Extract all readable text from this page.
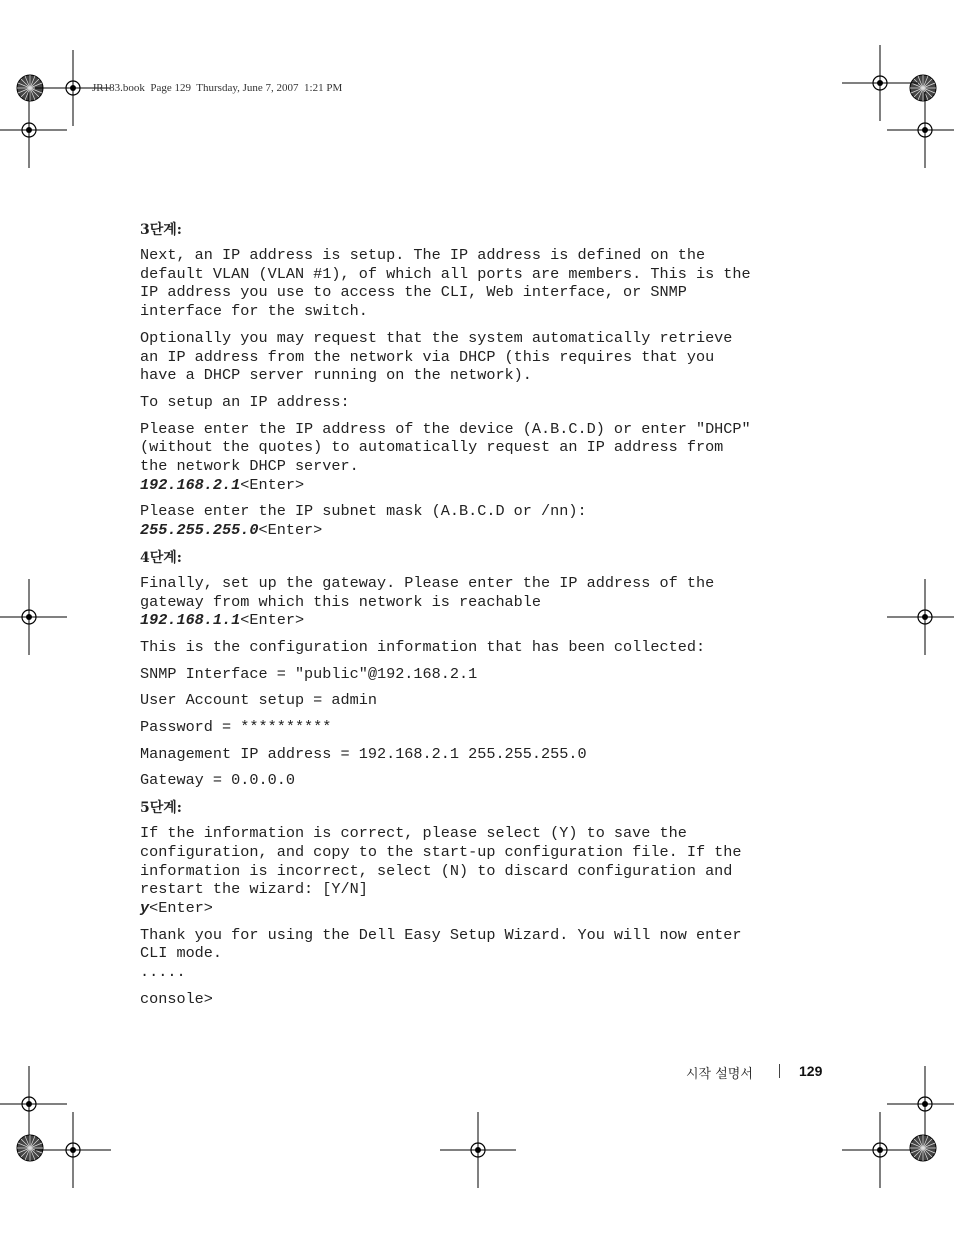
JR183.book  Page 129  Thursday, June 7, 2007  1:21 PM
3단계:
Next, an IP address is setup. The IP address is defined on the
default VLAN (VLAN #1), of which all ports are members. This is the
IP address you use to access the CLI, Web interface, or SNMP
interface for the switch.
Optionally you may request that the system automatically retrieve
an IP address from the network via DHCP (this requires that you
have a DHCP server running on the network).
To setup an IP address:
Please enter the IP address of the device (A.B.C.D) or enter "DHCP"
(without the quotes) to automatically request an IP address from
the network DHCP server.
192.168.2.1<Enter>
Please enter the IP subnet mask (A.B.C.D or /nn):
255.255.255.0<Enter>
4단계:
Finally, set up the gateway. Please enter the IP address of the
gateway from which this network is reachable
192.168.1.1<Enter>
This is the configuration information that has been collected:
SNMP Interface = "public"@192.168.2.1
User Account setup = admin
Password = **********
Management IP address = 192.168.2.1 255.255.255.0
Gateway = 0.0.0.0
5단계:
If the information is correct, please select (Y) to save the
configuration, and copy to the start-up configuration file. If the
information is incorrect, select (N) to discard configuration and
restart the wizard: [Y/N]
y<Enter>
Thank you for using the Dell Easy Setup Wizard. You will now enter
CLI mode.
.....
console>
시작 설명서	129
